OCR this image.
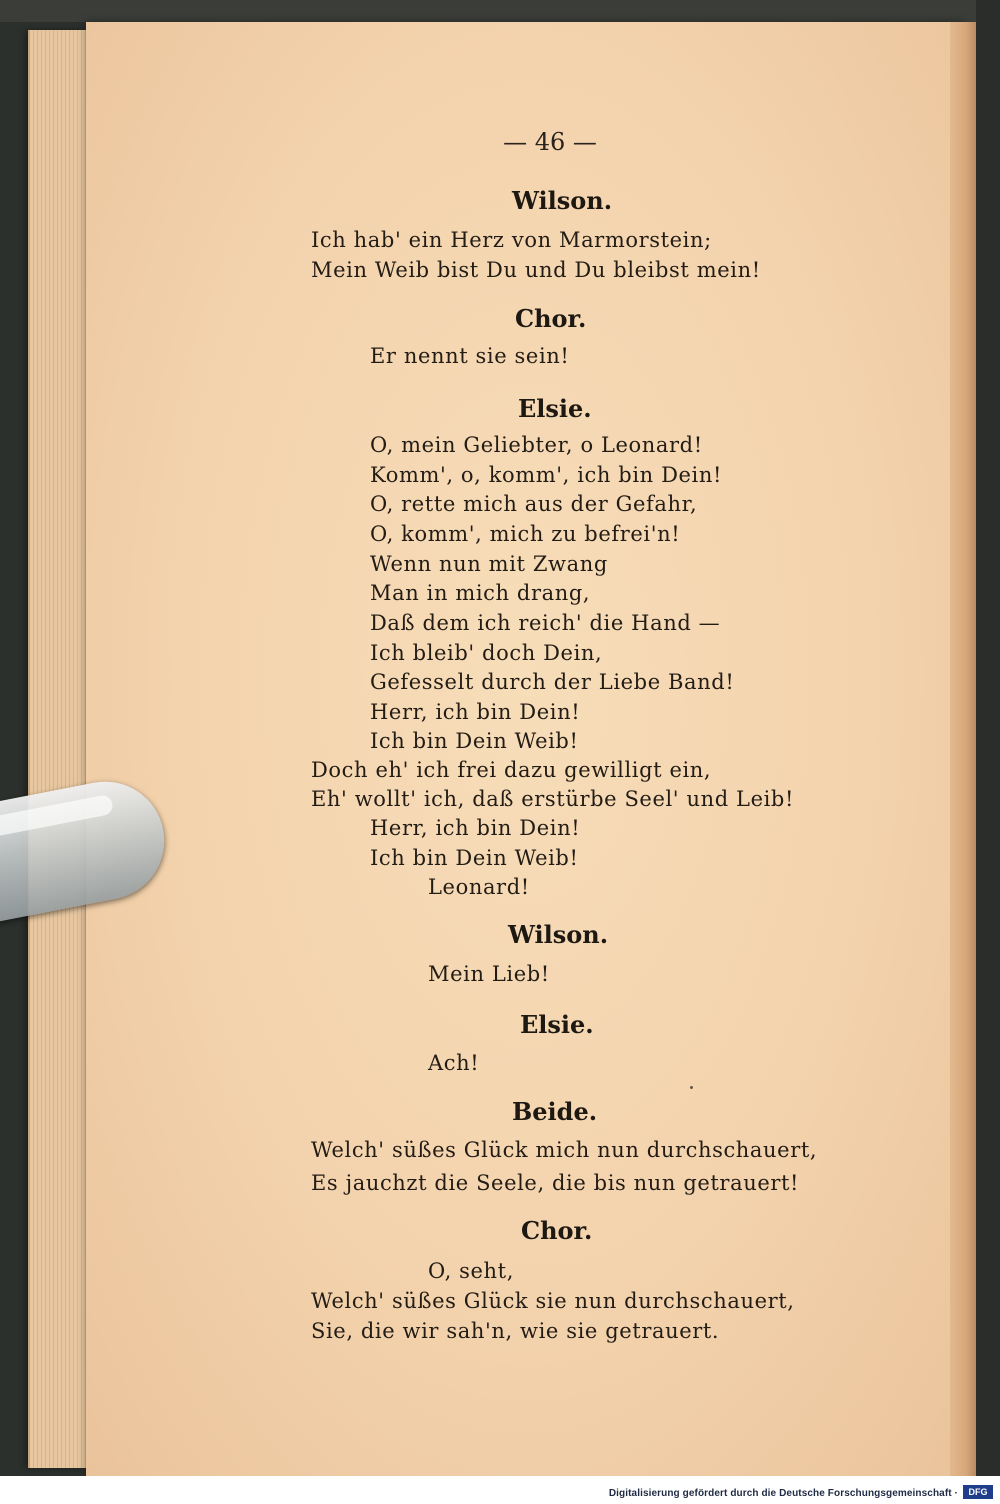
— 46 —
Wilson.
Ich hab' ein Herz von Marmorstein;
Mein Weib bist Du und Du bleibst mein!
Chor.
Er nennt sie sein!
Elsie.
O, mein Geliebter, o Leonard!
Komm', o, komm', ich bin Dein!
O, rette mich aus der Gefahr,
O, komm', mich zu befrei'n!
Wenn nun mit Zwang
Man in mich drang,
Daß dem ich reich' die Hand —
Ich bleib' doch Dein,
Gefesselt durch der Liebe Band!
Herr, ich bin Dein!
Ich bin Dein Weib!
Doch eh' ich frei dazu gewilligt ein,
Eh' wollt' ich, daß erstürbe Seel' und Leib!
Herr, ich bin Dein!
Ich bin Dein Weib!
Leonard!
Wilson.
Mein Lieb!
Elsie.
Ach!
Beide.
Welch' süßes Glück mich nun durchschauert,
Es jauchzt die Seele, die bis nun getrauert!
Chor.
O, seht,
Welch' süßes Glück sie nun durchschauert,
Sie, die wir sah'n, wie sie getrauert.
Digitalisierung gefördert durch die Deutsche Forschungsgemeinschaft ·	DFG
